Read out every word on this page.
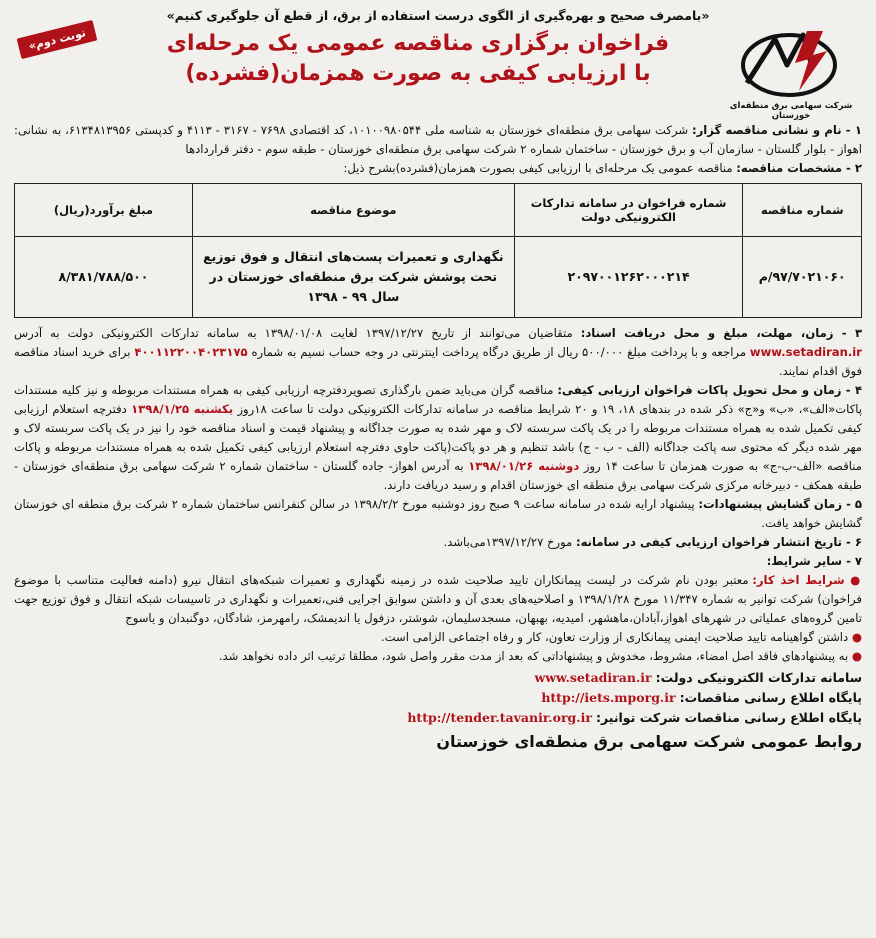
«بامصرف صحیح و بهره‌گیری از الگوی درست استفاده از برق، از قطع آن جلوگیری کنیم»
شرکت سهامی برق منطقه‌ای خوزستان
فراخوان برگزاری مناقصه عمومی یک مرحله‌ای
با ارزیابی کیفی به صورت همزمان(فشرده)
نوبت دوم»

۱ - نام و نشانی مناقصه گزار: شرکت سهامی برق منطقه‌ای خوزستان به شناسه ملی ۱۰۱۰۰۹۸۰۵۴۴، کد اقتصادی ۷۶۹۸ - ۳۱۶۷ - ۴۱۱۳ و کدپستی ۶۱۳۴۸۱۳۹۵۶، به نشانی: اهواز - بلوار گلستان - سازمان آب و برق خوزستان - ساختمان شماره ۲ شرکت سهامی برق منطقه‌ای خوزستان - طبقه سوم - دفتر قراردادها

۲ - مشخصات مناقصه: مناقصه عمومی یک مرحله‌ای با ارزیابی کیفی بصورت همزمان(فشرده)بشرح ذیل:

شماره مناقصه	شماره فراخوان در سامانه تدارکات الکترونیکی دولت	موضوع مناقصه	مبلغ برآورد(ریال)
۹۷/۷۰۲۱۰۶۰/م	۲۰۹۷۰۰۱۲۶۲۰۰۰۲۱۴	نگهداری و تعمیرات پست‌های انتقال و فوق توزیع تحت پوشش شرکت برق منطقه‌ای خوزستان در سال ۹۹ - ۱۳۹۸	۸/۳۸۱/۷۸۸/۵۰۰

۳ - زمان، مهلت، مبلغ و محل دریافت اسناد: متقاضیان می‌توانند از تاریخ ۱۳۹۷/۱۲/۲۷ لغایت ۱۳۹۸/۰۱/۰۸ به سامانه تدارکات الکترونیکی دولت به آدرس www.setadiran.ir مراجعه و با پرداخت مبلغ ۵۰۰/۰۰۰ ریال از طریق درگاه پرداخت اینترنتی در وجه حساب نسیم به شماره ۴۰۰۱۱۲۲۰۰۴۰۲۳۱۷۵ برای خرید اسناد مناقصه فوق اقدام نمایند.

۴ - زمان و محل تحویل پاکات فراخوان ارزیابی کیفی: مناقصه گران می‌باید ضمن بارگذاری تصویردفترچه ارزیابی کیفی به همراه مستندات مربوطه و نیز کلیه مستندات پاکات«الف»، «ب» و«ج» ذکر شده در بندهای ۱۸، ۱۹ و ۲۰ شرایط مناقصه در سامانه تدارکات الکترونیکی دولت تا ساعت ۱۸روز یکشنبه ۱۳۹۸/۱/۲۵ دفترچه استعلام ارزیابی کیفی تکمیل شده به همراه مستندات مربوطه را در یک پاکت سربسته لاک و مهر شده به صورت جداگانه و پیشنهاد قیمت و اسناد مناقصه خود را نیز در یک پاکت سربسته لاک و مهر شده دیگر که محتوی سه پاکت جداگانه (الف - ب - ج) باشد تنظیم و هر دو پاکت(پاکت حاوی دفترچه استعلام ارزیابی کیفی تکمیل شده به همراه مستندات مربوطه و پاکات مناقصه «الف-ب-ج» به صورت همزمان تا ساعت ۱۴ روز دوشنبه ۱۳۹۸/۰۱/۲۶ به آدرس اهواز- جاده گلستان - ساختمان شماره ۲ شرکت سهامی برق منطقه‌ای خوزستان - طبقه همکف - دبیرخانه مرکزی شرکت سهامی برق منطقه ای خوزستان اقدام و رسید دریافت دارند.

۵ - زمان گشایش پیشنهادات: پیشنهاد ارایه شده در سامانه ساعت ۹ صبح روز دوشنبه مورخ ۱۳۹۸/۲/۲ در سالن کنفرانس ساختمان شماره ۲ شرکت برق منطقه ای خوزستان گشایش خواهد یافت.

۶ - تاریخ انتشار فراخوان ارزیابی کیفی در سامانه: مورخ ۱۳۹۷/۱۲/۲۷می‌باشد.

۷ - سایر شرایط:

● شرایط اخذ کار: معتبر بودن نام شرکت در لیست پیمانکاران تایید صلاحیت شده در زمینه نگهداری و تعمیرات شبکه‌های انتقال نیرو (دامنه فعالیت متناسب با موضوع فراخوان) شرکت توانیر به شماره ۱۱/۳۴۷ مورخ ۱۳۹۸/۱/۲۸ و اصلاحیه‌های بعدی آن و داشتن سوابق اجرایی فنی،تعمیرات و نگهداری در تاسیسات شبکه انتقال و فوق توزیع جهت تامین گروه‌های عملیاتی در شهرهای اهواز،آبادان،ماهشهر، امیدیه، بهبهان، مسجدسلیمان، شوشتر، دزفول یا اندیمشک، رامهرمز، شادگان، دوگنبدان و یاسوج

● داشتن گواهینامه تایید صلاحیت ایمنی پیمانکاری از وزارت تعاون، کار و رفاه اجتماعی الزامی است.

● به پیشنهادهای فاقد اصل امضاء، مشروط، مخدوش و پیشنهاداتی که بعد از مدت مقرر واصل شود، مطلقا ترتیب اثر داده نخواهد شد.

سامانه تدارکات الکترونیکی دولت: www.setadiran.ir
پایگاه اطلاع رسانی مناقصات: http://iets.mporg.ir
پایگاه اطلاع رسانی مناقصات شرکت توانیر: http://tender.tavanir.org.ir
روابط عمومی شرکت سهامی برق منطقه‌ای خوزستان
